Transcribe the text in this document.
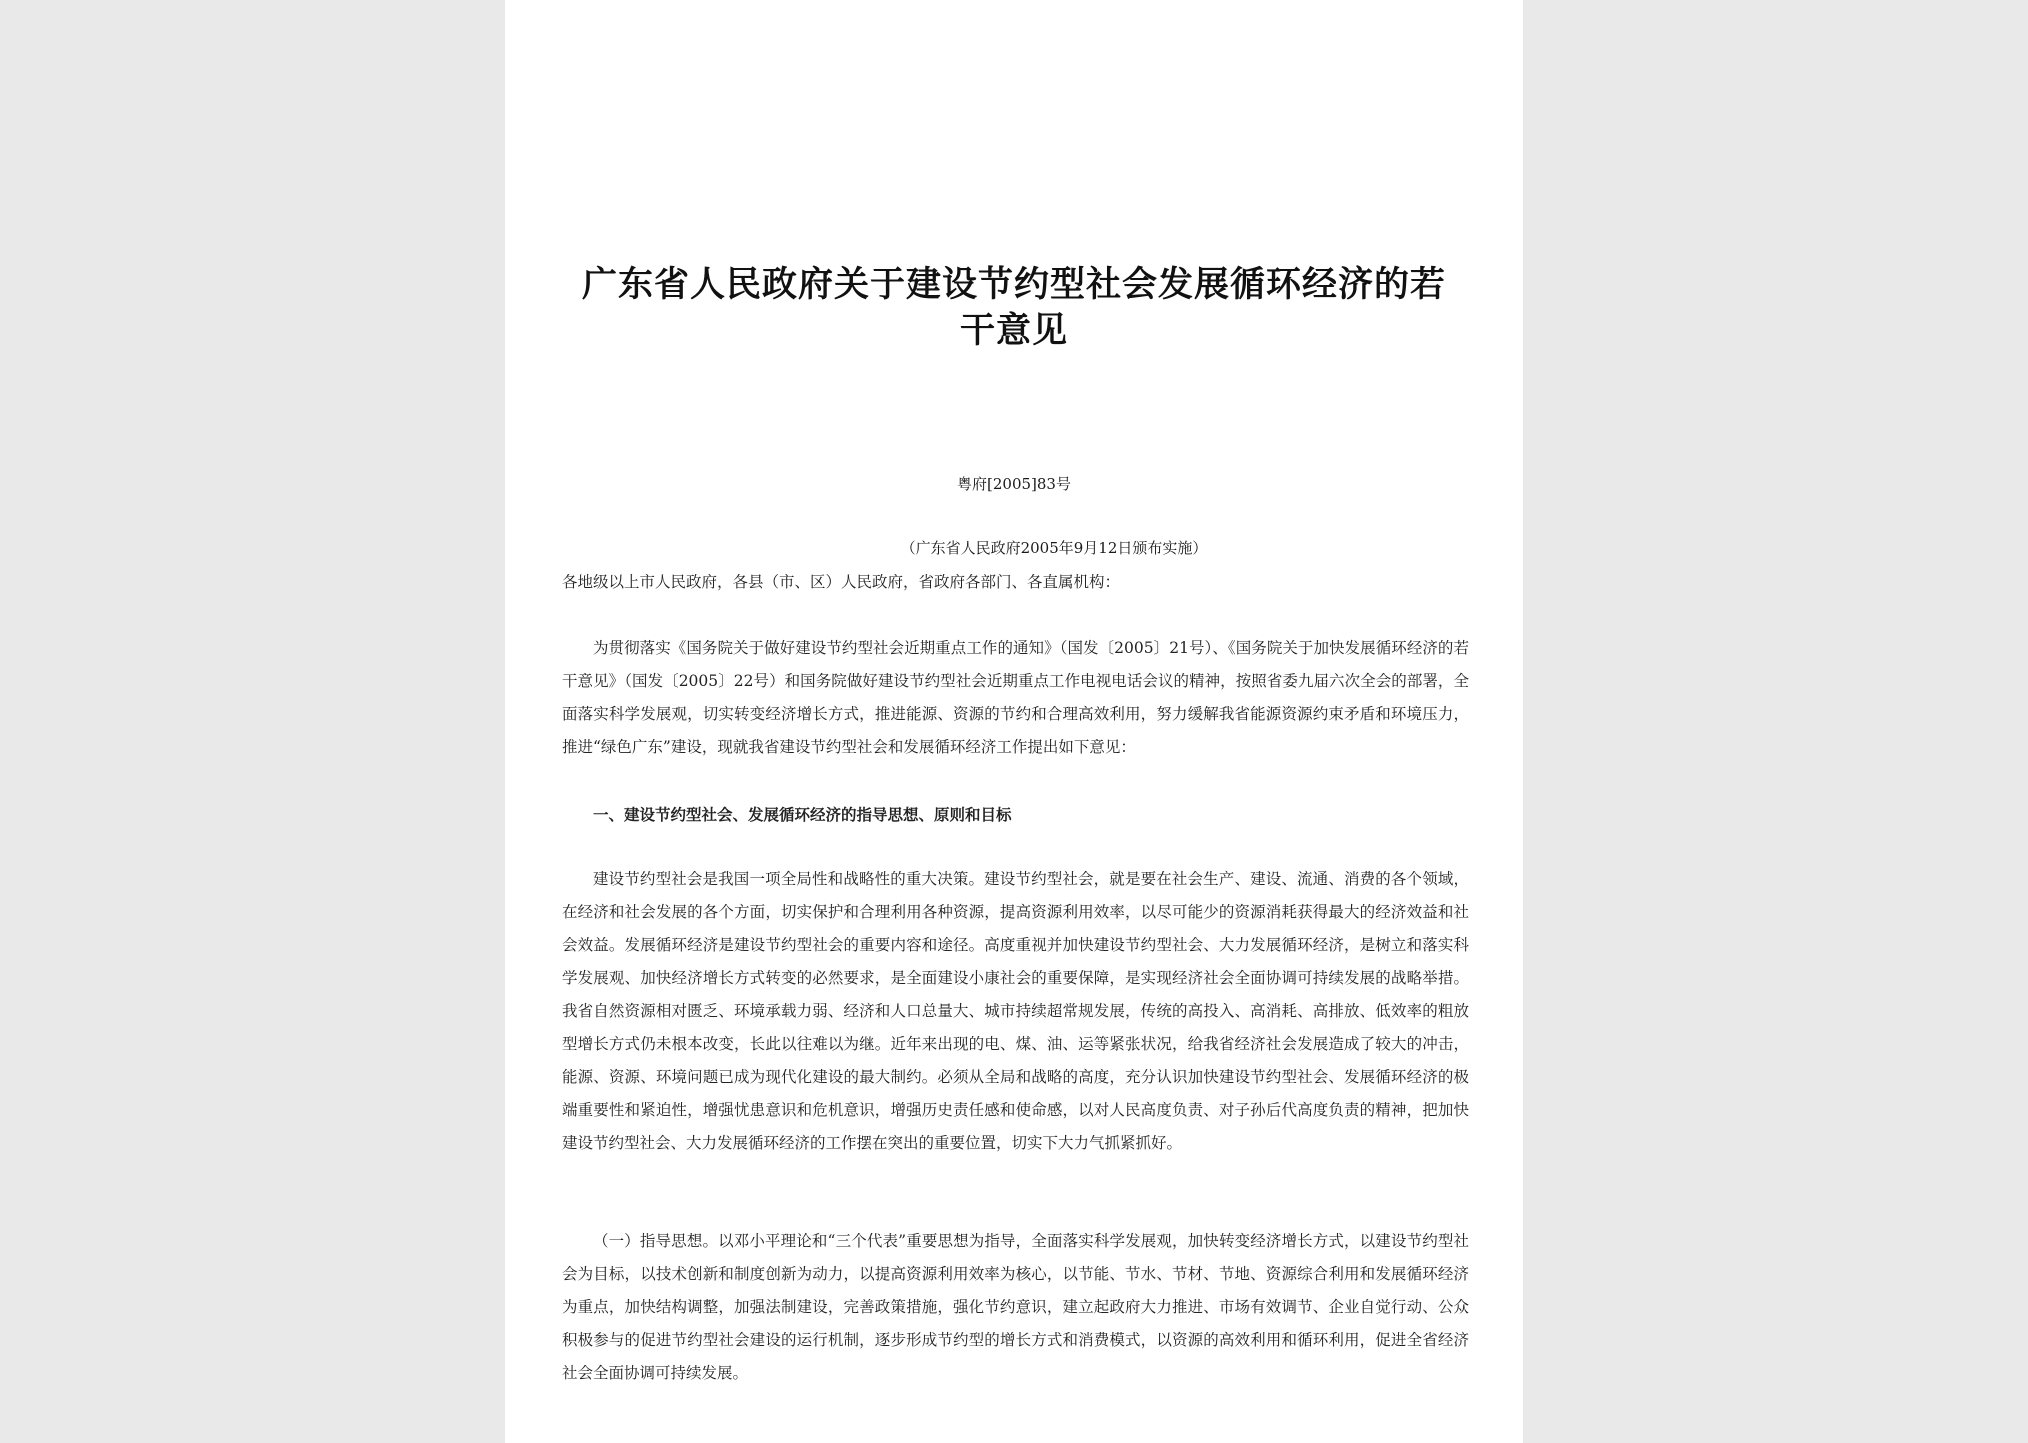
广东省人民政府关于建设节约型社会发展循环经济的若干意见
粤府[2005]83号
（广东省人民政府2005年9月12日颁布实施）
各地级以上市人民政府，各县（市、区）人民政府，省政府各部门、各直属机构：
为贯彻落实《国务院关于做好建设节约型社会近期重点工作的通知》（国发〔2005〕21号）、《国务院关于加快发展循环经济的若干意见》（国发〔2005〕22号）和国务院做好建设节约型社会近期重点工作电视电话会议的精神，按照省委九届六次全会的部署，全面落实科学发展观，切实转变经济增长方式，推进能源、资源的节约和合理高效利用，努力缓解我省能源资源约束矛盾和环境压力，推进“绿色广东”建设，现就我省建设节约型社会和发展循环经济工作提出如下意见：
一、建设节约型社会、发展循环经济的指导思想、原则和目标
建设节约型社会是我国一项全局性和战略性的重大决策。建设节约型社会，就是要在社会生产、建设、流通、消费的各个领域，在经济和社会发展的各个方面，切实保护和合理利用各种资源，提高资源利用效率，以尽可能少的资源消耗获得最大的经济效益和社会效益。发展循环经济是建设节约型社会的重要内容和途径。高度重视并加快建设节约型社会、大力发展循环经济，是树立和落实科学发展观、加快经济增长方式转变的必然要求，是全面建设小康社会的重要保障，是实现经济社会全面协调可持续发展的战略举措。我省自然资源相对匮乏、环境承载力弱、经济和人口总量大、城市持续超常规发展，传统的高投入、高消耗、高排放、低效率的粗放型增长方式仍未根本改变，长此以往难以为继。近年来出现的电、煤、油、运等紧张状况，给我省经济社会发展造成了较大的冲击，能源、资源、环境问题已成为现代化建设的最大制约。必须从全局和战略的高度，充分认识加快建设节约型社会、发展循环经济的极端重要性和紧迫性，增强忧患意识和危机意识，增强历史责任感和使命感，以对人民高度负责、对子孙后代高度负责的精神，把加快建设节约型社会、大力发展循环经济的工作摆在突出的重要位置，切实下大力气抓紧抓好。
（一）指导思想。以邓小平理论和“三个代表”重要思想为指导，全面落实科学发展观，加快转变经济增长方式，以建设节约型社会为目标，以技术创新和制度创新为动力，以提高资源利用效率为核心，以节能、节水、节材、节地、资源综合利用和发展循环经济为重点，加快结构调整，加强法制建设，完善政策措施，强化节约意识，建立起政府大力推进、市场有效调节、企业自觉行动、公众积极参与的促进节约型社会建设的运行机制，逐步形成节约型的增长方式和消费模式，以资源的高效利用和循环利用，促进全省经济社会全面协调可持续发展。
